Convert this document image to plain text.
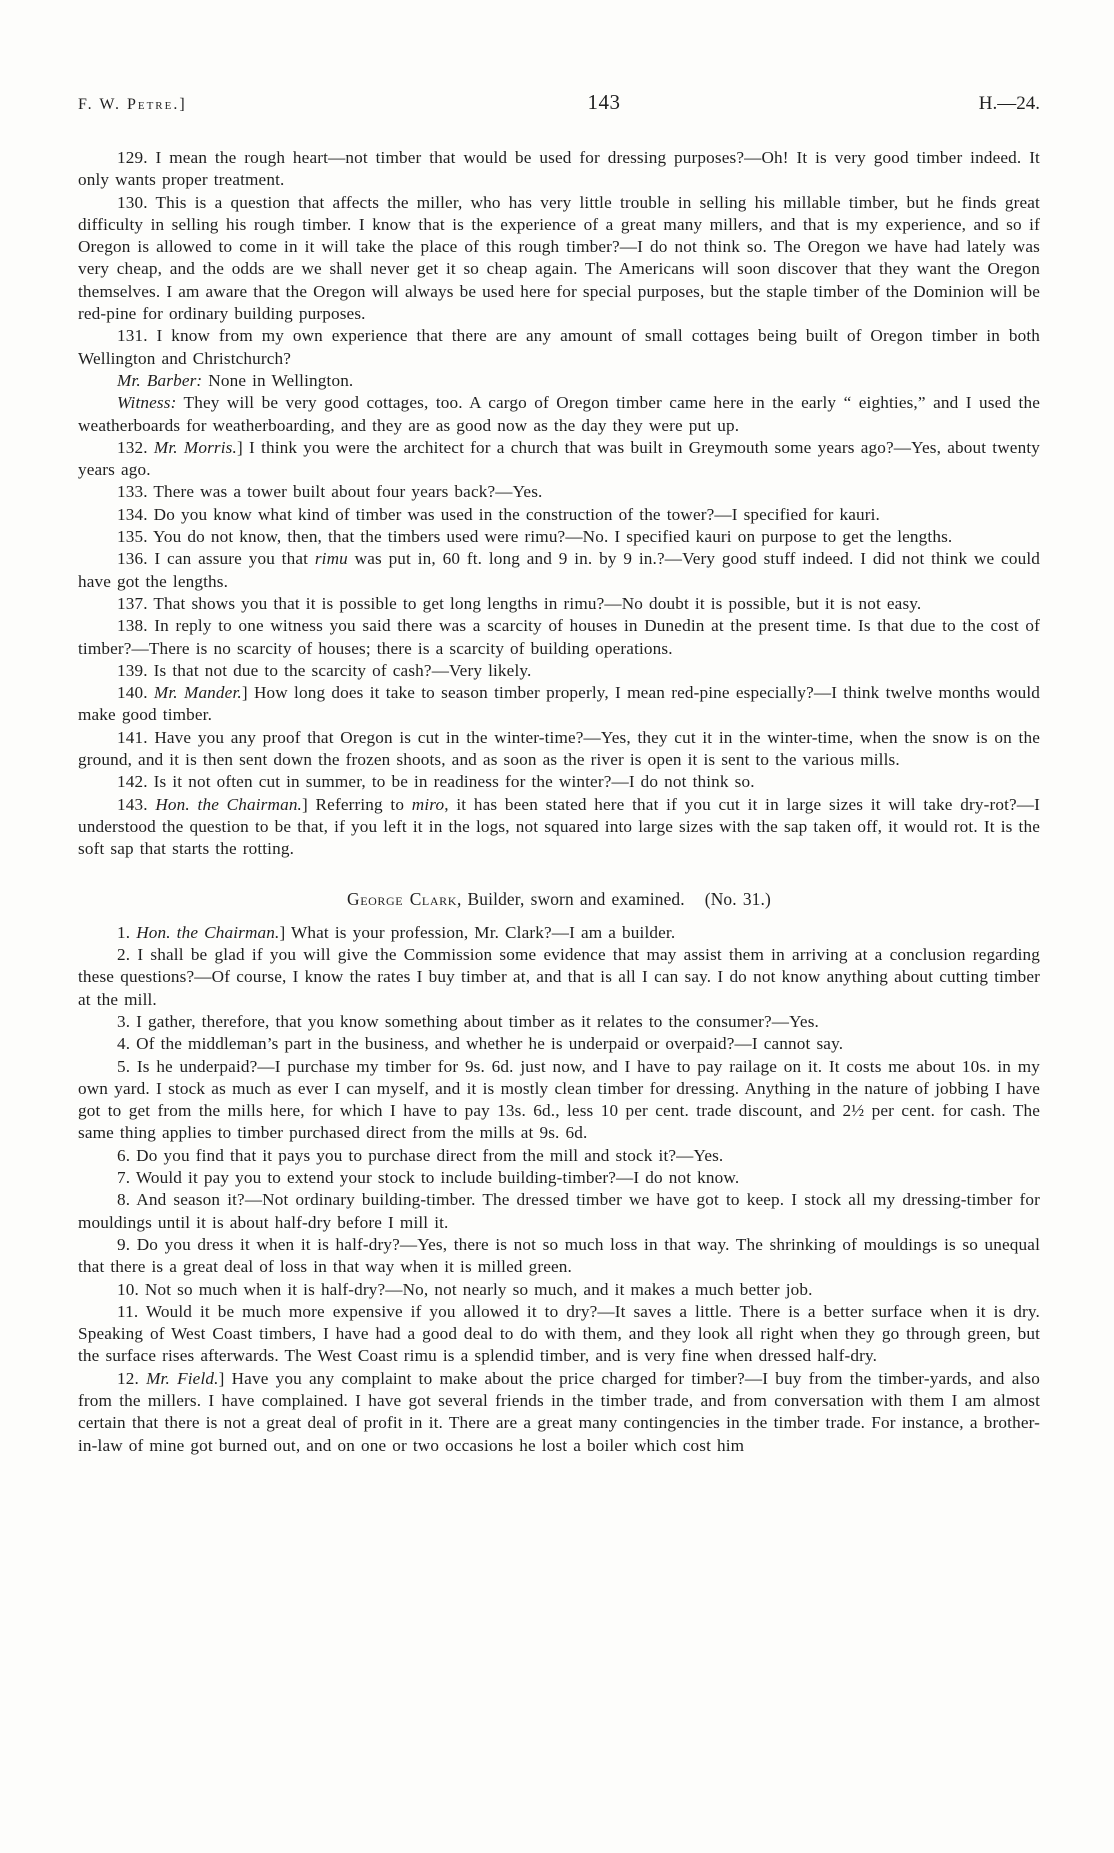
F. W. Petre.]	143	H.—24.

129. I mean the rough heart—not timber that would be used for dressing purposes?—Oh! It is very good timber indeed. It only wants proper treatment.

130. This is a question that affects the miller, who has very little trouble in selling his millable timber, but he finds great difficulty in selling his rough timber. I know that is the experience of a great many millers, and that is my experience, and so if Oregon is allowed to come in it will take the place of this rough timber?—I do not think so. The Oregon we have had lately was very cheap, and the odds are we shall never get it so cheap again. The Americans will soon discover that they want the Oregon themselves. I am aware that the Oregon will always be used here for special purposes, but the staple timber of the Dominion will be red-pine for ordinary building purposes.

131. I know from my own experience that there are any amount of small cottages being built of Oregon timber in both Wellington and Christchurch?

Mr. Barber: None in Wellington.

Witness: They will be very good cottages, too. A cargo of Oregon timber came here in the early “ eighties,” and I used the weatherboards for weatherboarding, and they are as good now as the day they were put up.

132. Mr. Morris.] I think you were the architect for a church that was built in Greymouth some years ago?—Yes, about twenty years ago.

133. There was a tower built about four years back?—Yes.

134. Do you know what kind of timber was used in the construction of the tower?—I specified for kauri.

135. You do not know, then, that the timbers used were rimu?—No. I specified kauri on purpose to get the lengths.

136. I can assure you that rimu was put in, 60 ft. long and 9 in. by 9 in.?—Very good stuff indeed. I did not think we could have got the lengths.

137. That shows you that it is possible to get long lengths in rimu?—No doubt it is possible, but it is not easy.

138. In reply to one witness you said there was a scarcity of houses in Dunedin at the present time. Is that due to the cost of timber?—There is no scarcity of houses; there is a scarcity of building operations.

139. Is that not due to the scarcity of cash?—Very likely.

140. Mr. Mander.] How long does it take to season timber properly, I mean red-pine especially?—I think twelve months would make good timber.

141. Have you any proof that Oregon is cut in the winter-time?—Yes, they cut it in the winter-time, when the snow is on the ground, and it is then sent down the frozen shoots, and as soon as the river is open it is sent to the various mills.

142. Is it not often cut in summer, to be in readiness for the winter?—I do not think so.

143. Hon. the Chairman.] Referring to miro, it has been stated here that if you cut it in large sizes it will take dry-rot?—I understood the question to be that, if you left it in the logs, not squared into large sizes with the sap taken off, it would rot. It is the soft sap that starts the rotting.

George Clark, Builder, sworn and examined. (No. 31.)

1. Hon. the Chairman.] What is your profession, Mr. Clark?—I am a builder.

2. I shall be glad if you will give the Commission some evidence that may assist them in arriving at a conclusion regarding these questions?—Of course, I know the rates I buy timber at, and that is all I can say. I do not know anything about cutting timber at the mill.

3. I gather, therefore, that you know something about timber as it relates to the consumer?—Yes.

4. Of the middleman’s part in the business, and whether he is underpaid or overpaid?—I cannot say.

5. Is he underpaid?—I purchase my timber for 9s. 6d. just now, and I have to pay railage on it. It costs me about 10s. in my own yard. I stock as much as ever I can myself, and it is mostly clean timber for dressing. Anything in the nature of jobbing I have got to get from the mills here, for which I have to pay 13s. 6d., less 10 per cent. trade discount, and 2½ per cent. for cash. The same thing applies to timber purchased direct from the mills at 9s. 6d.

6. Do you find that it pays you to purchase direct from the mill and stock it?—Yes.

7. Would it pay you to extend your stock to include building-timber?—I do not know.

8. And season it?—Not ordinary building-timber. The dressed timber we have got to keep. I stock all my dressing-timber for mouldings until it is about half-dry before I mill it.

9. Do you dress it when it is half-dry?—Yes, there is not so much loss in that way. The shrinking of mouldings is so unequal that there is a great deal of loss in that way when it is milled green.

10. Not so much when it is half-dry?—No, not nearly so much, and it makes a much better job.

11. Would it be much more expensive if you allowed it to dry?—It saves a little. There is a better surface when it is dry. Speaking of West Coast timbers, I have had a good deal to do with them, and they look all right when they go through green, but the surface rises afterwards. The West Coast rimu is a splendid timber, and is very fine when dressed half-dry.

12. Mr. Field.] Have you any complaint to make about the price charged for timber?—I buy from the timber-yards, and also from the millers. I have complained. I have got several friends in the timber trade, and from conversation with them I am almost certain that there is not a great deal of profit in it. There are a great many contingencies in the timber trade. For instance, a brother-in-law of mine got burned out, and on one or two occasions he lost a boiler which cost him
